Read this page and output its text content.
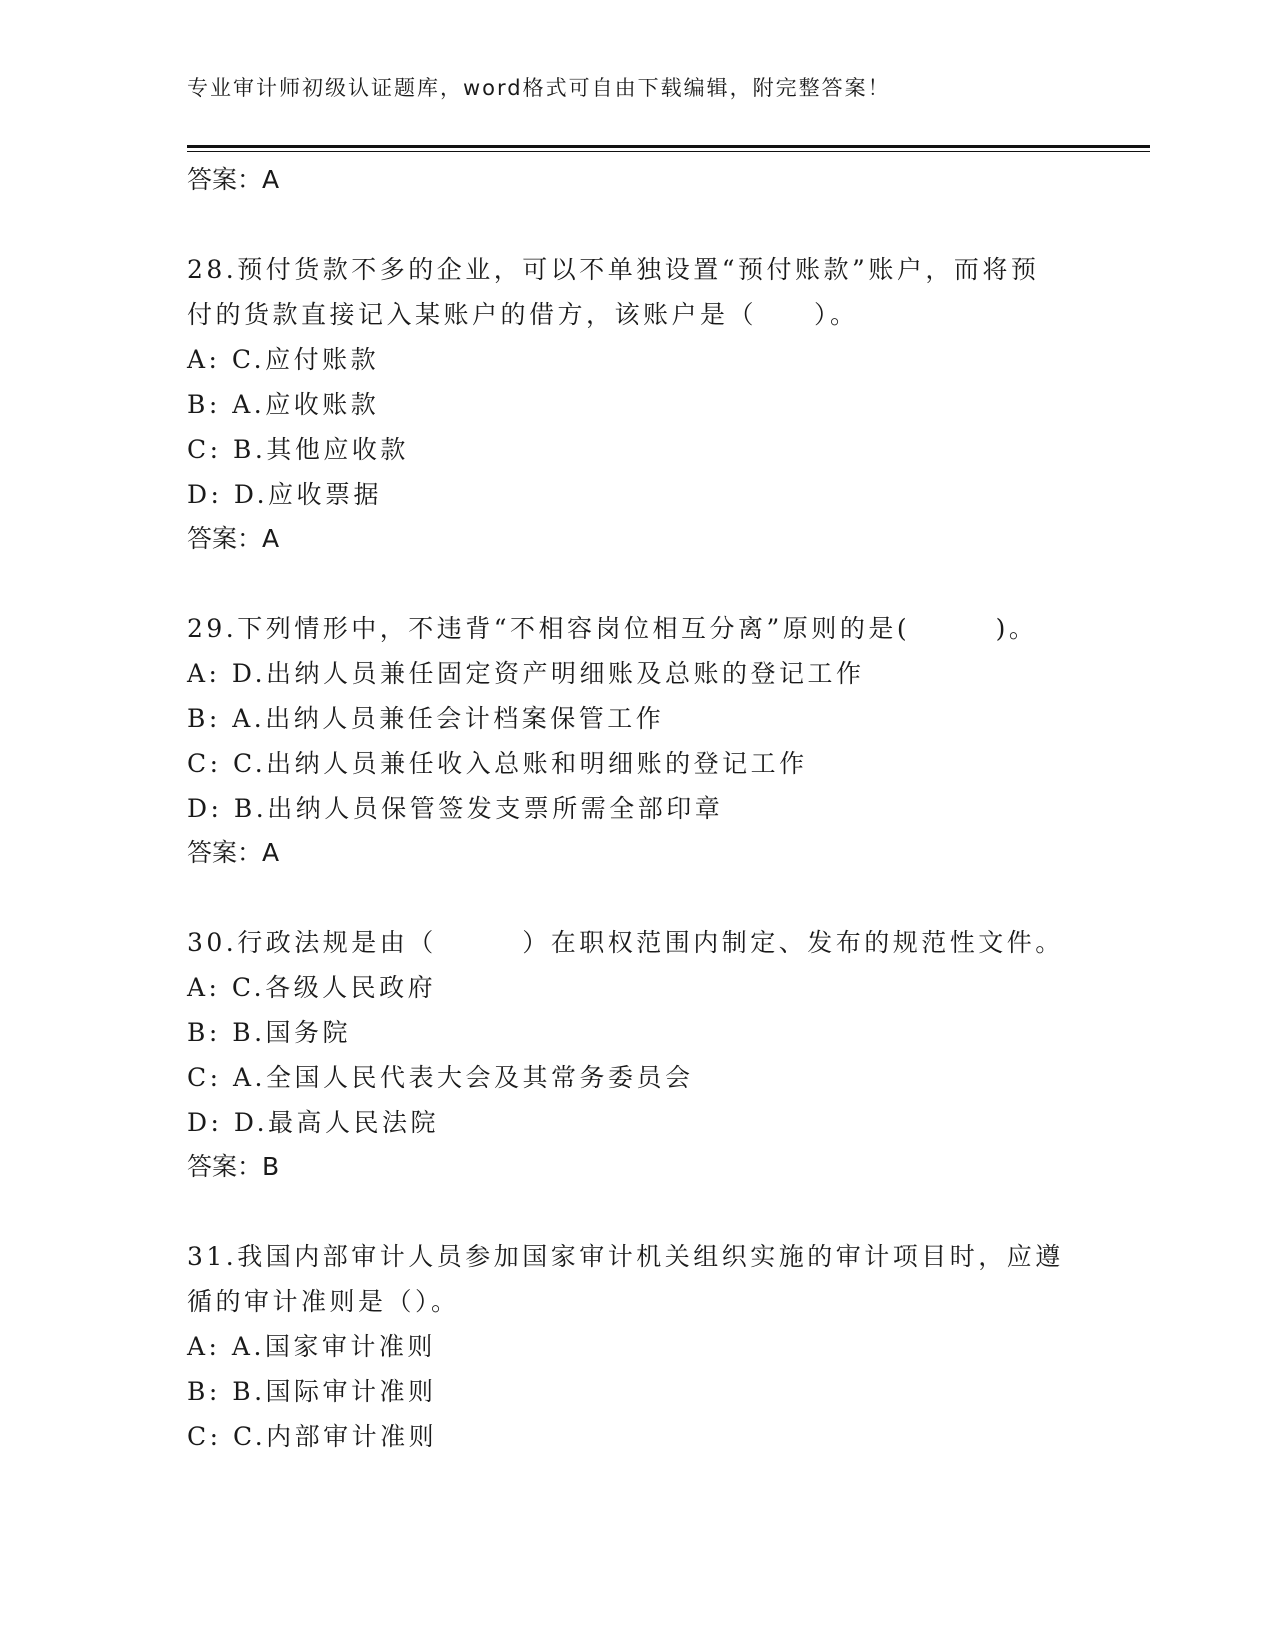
专业审计师初级认证题库，word格式可自由下载编辑，附完整答案！
答案：A
28.预付货款不多的企业，可以不单独设置“预付账款”账户，而将预
付的货款直接记入某账户的借方，该账户是（　　）。
A: C.应付账款
B: A.应收账款
C: B.其他应收款
D: D.应收票据
答案：A
29.下列情形中，不违背“不相容岗位相互分离”原则的是(　　　)。
A: D.出纳人员兼任固定资产明细账及总账的登记工作
B: A.出纳人员兼任会计档案保管工作
C: C.出纳人员兼任收入总账和明细账的登记工作
D: B.出纳人员保管签发支票所需全部印章
答案：A
30.行政法规是由（　　　）在职权范围内制定、发布的规范性文件。
A: C.各级人民政府
B: B.国务院
C: A.全国人民代表大会及其常务委员会
D: D.最高人民法院
答案：B
31.我国内部审计人员参加国家审计机关组织实施的审计项目时，应遵
循的审计准则是（）。
A: A.国家审计准则
B: B.国际审计准则
C: C.内部审计准则
